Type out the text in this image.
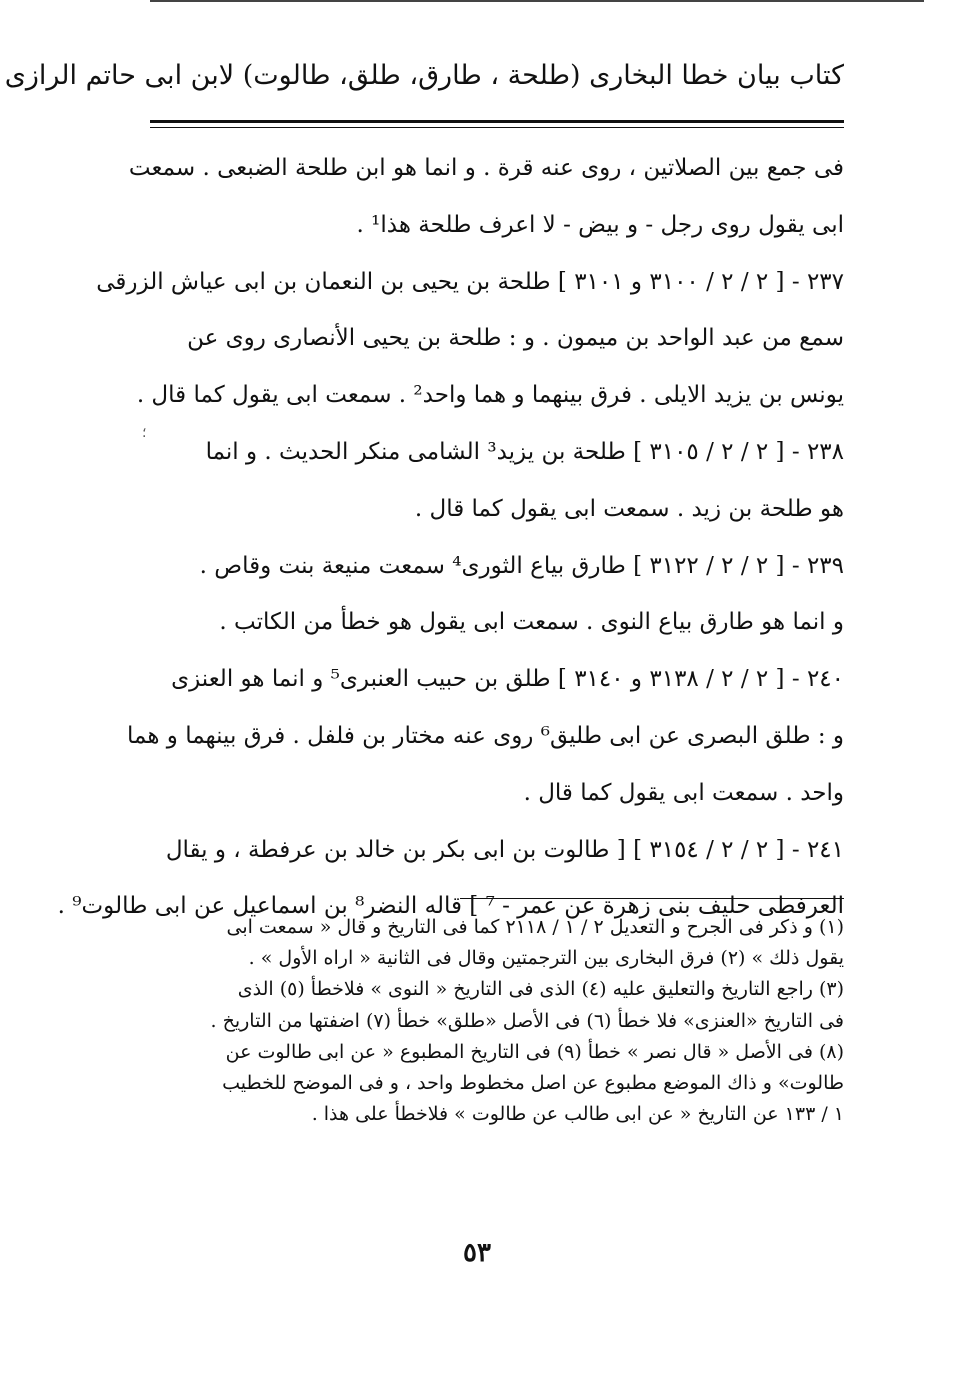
كتاب بيان خطا البخارى (طلحة ، طارق، طلق، طالوت) لابن ابى حاتم الرازى
فى جمع بين الصلاتين ، روى عنه قرة . و انما هو ابن طلحة الضبعى . سمعت
ابى يقول روى رجل - و بيض - لا اعرف طلحة هذا¹ .
٢٣٧ - [ ٢ / ٢ / ٣١٠٠ و ٣١٠١ ] طلحة بن يحيى بن النعمان بن ابى عياش الزرقى
سمع من عبد الواحد بن ميمون . و : طلحة بن يحيى الأنصارى روى عن
يونس بن يزيد الايلى . فرق بينهما و هما واحد² . سمعت ابى يقول كما قال .
٢٣٨ - [ ٢ / ٢ / ٣١٠٥ ] طلحة بن يزيد³ الشامى منكر الحديث . و انما
هو طلحة بن زيد . سمعت ابى يقول كما قال .
٢٣٩ - [ ٢ / ٢ / ٣١٢٢ ] طارق بياع الثورى⁴ سمعت منيعة بنت وقاص .
و انما هو طارق بياع النوى . سمعت ابى يقول هو خطأ من الكاتب .
٢٤٠ - [ ٢ / ٢ / ٣١٣٨ و ٣١٤٠ ] طلق بن حبيب العنبرى⁵ و انما هو العنزى
و : طلق البصرى عن ابى طليق⁶ روى عنه مختار بن فلفل . فرق بينهما و هما
واحد . سمعت ابى يقول كما قال .
٢٤١ - [ ٢ / ٢ / ٣١٥٤ ] [ طالوت بن ابى بكر بن خالد بن عرفطة ، و يقال
العرفطى حليف بنى زهرة عن عمر - ⁷ ] قاله النضر⁸ بن اسماعيل عن ابى طالوت⁹ .
؛
(١) و ذكر فى الجرح و التعديل ٢ / ١ / ٢١١٨ كما فى التاريخ و قال « سمعت ابى
يقول ذلك » (٢) فرق البخارى بين الترجمتين وقال فى الثانية « اراه الأول » .
(٣) راجع التاريخ والتعليق عليه (٤) الذى فى التاريخ « النوى » فلاخطأ (٥) الذى
فى التاريخ «العنزى» فلا خطأ (٦) فى الأصل «طلق» خطأ (٧) اضفتها من التاريخ .
(٨) فى الأصل « قال نصر » خطأ (٩) فى التاريخ المطبوع « عن ابى طالوت عن
طالوت» و ذاك الموضع مطبوع عن اصل مخطوط واحد ، و فى الموضح للخطيب
١ / ١٣٣ عن التاريخ « عن ابى طالب عن طالوت » فلاخطأ على هذا .
٥٣
